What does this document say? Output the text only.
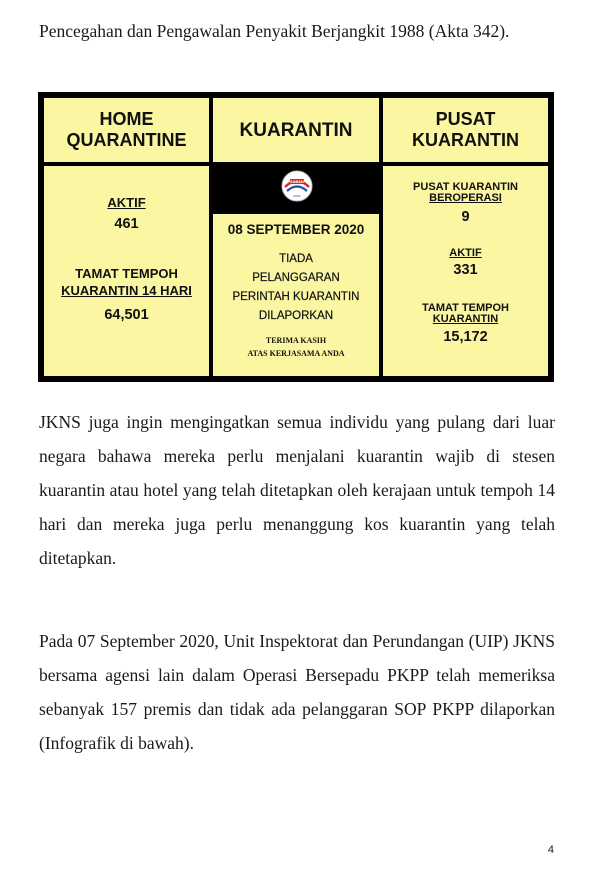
Pencegahan dan Pengawalan Penyakit Berjangkit 1988 (Akta 342).
HOME QUARANTINE	KUARANTIN
PUSAT KUARANTIN
SABAH
JKNS
AKTIF
461
TAMAT TEMPOH
KUARANTIN 14 HARI
64,501
08 SEPTEMBER 2020
TIADA
PELANGGARAN
PERINTAH KUARANTIN
DILAPORKAN
TERIMA KASIH
ATAS KERJASAMA ANDA
PUSAT KUARANTIN
BEROPERASI
9
AKTIF
331
TAMAT TEMPOH
KUARANTIN
15,172
JKNS juga ingin mengingatkan semua individu yang pulang dari luar negara bahawa mereka perlu menjalani kuarantin wajib di stesen kuarantin atau hotel yang telah ditetapkan oleh kerajaan untuk tempoh 14 hari dan mereka juga perlu menanggung kos kuarantin yang telah ditetapkan.
Pada 07 September 2020, Unit Inspektorat dan Perundangan (UIP) JKNS bersama agensi lain dalam Operasi Bersepadu PKPP telah memeriksa sebanyak 157 premis dan tidak ada pelanggaran SOP PKPP dilaporkan (Infografik di bawah).
4
